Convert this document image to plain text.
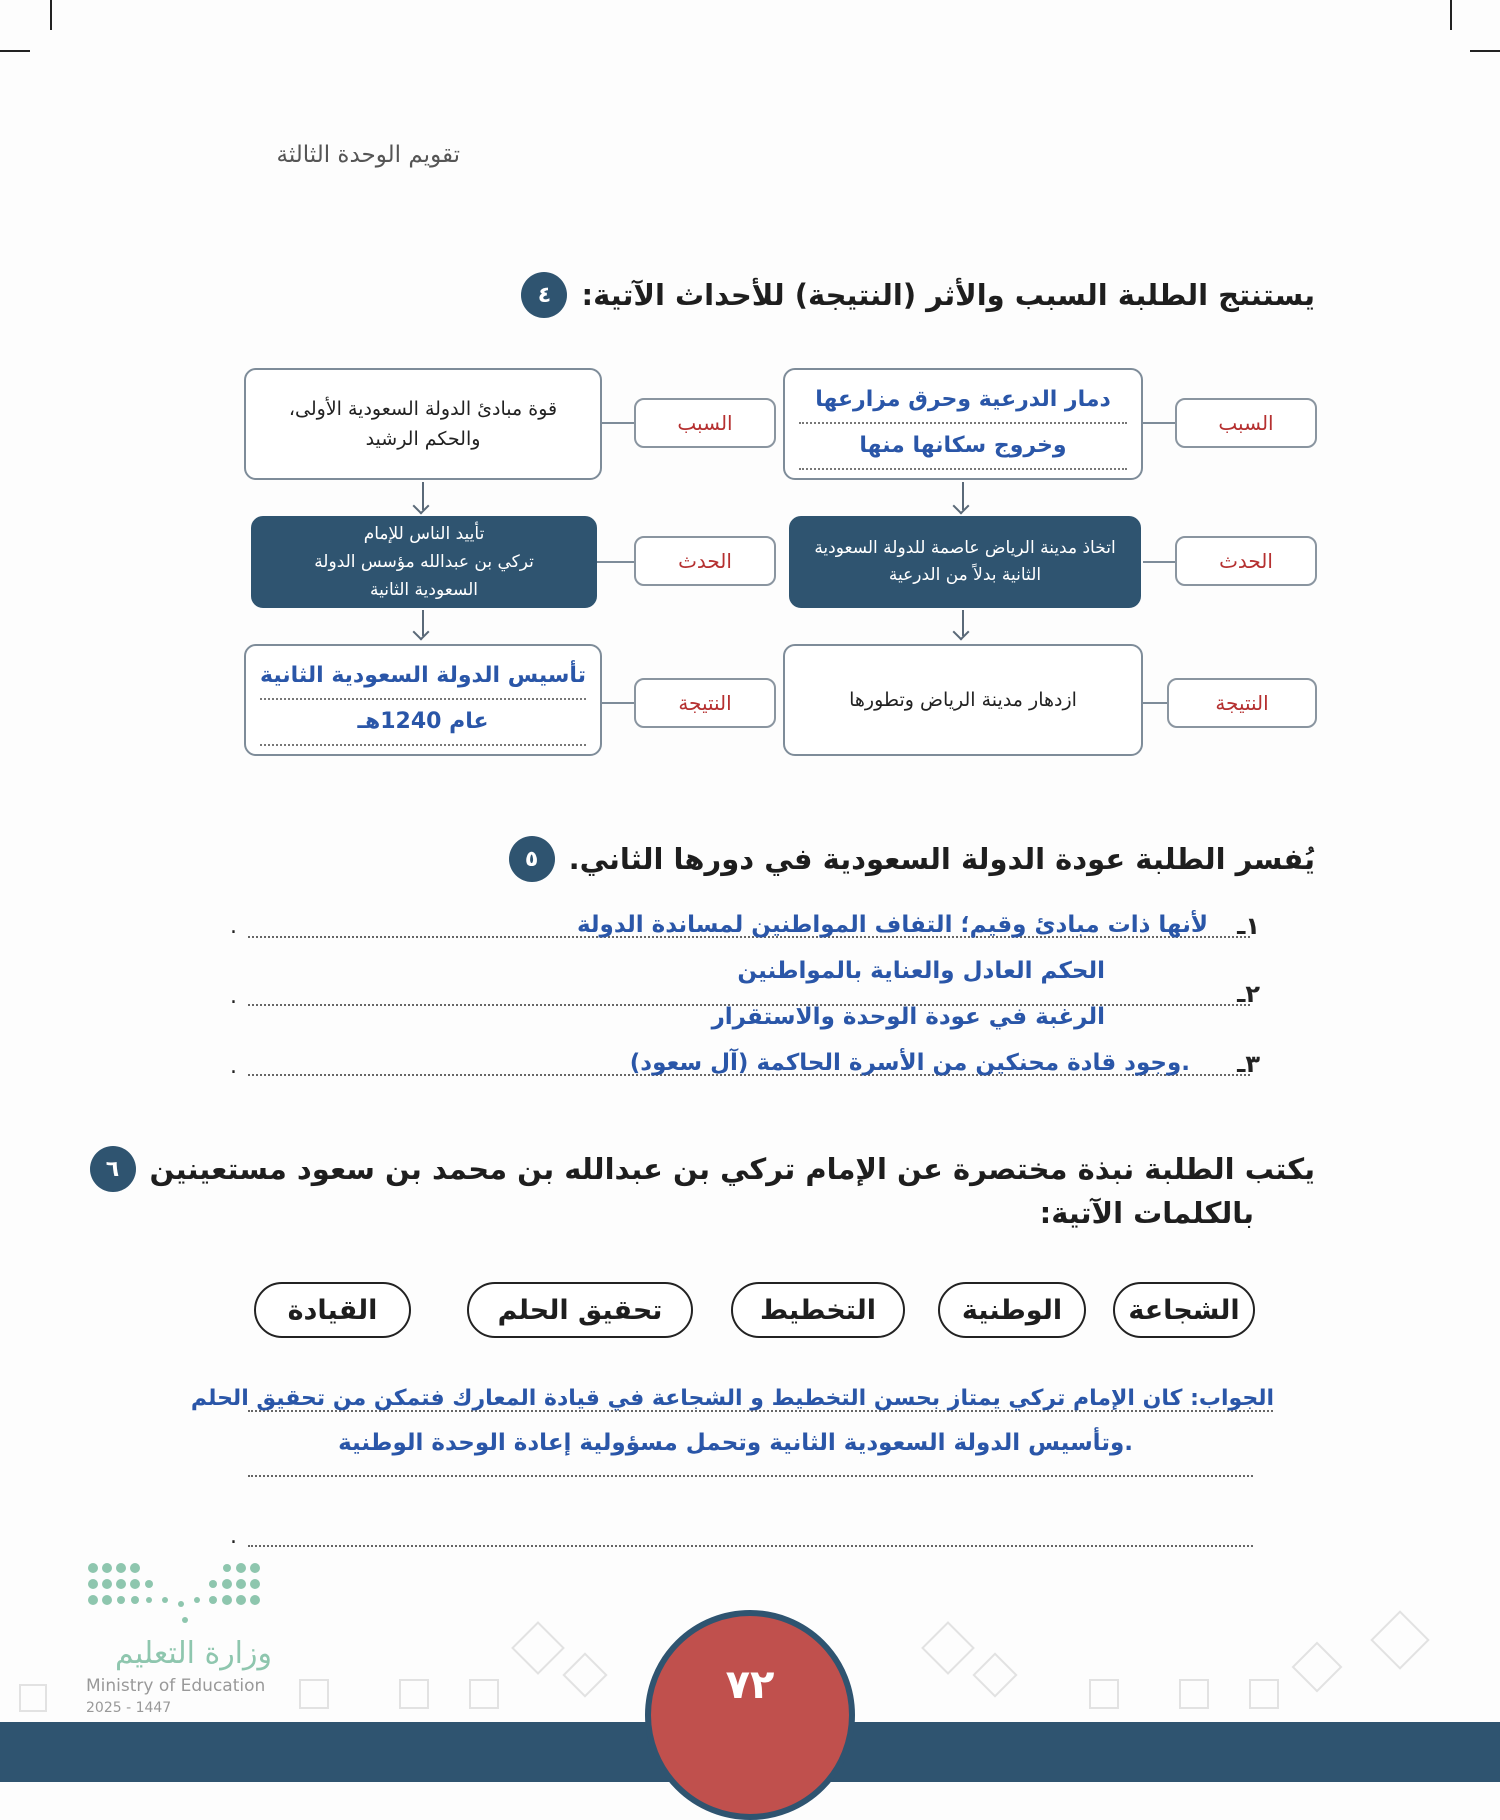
تقويم الوحدة الثالثة
٤	يستنتج الطلبة السبب والأثر (النتيجة) للأحداث الآتية:
السبب
دمار الدرعية وحرق مزارعها
وخروج سكانها منها
الحدث
اتخاذ مدينة الرياض عاصمة للدولة السعودية الثانية بدلاً من الدرعية
النتيجة
ازدهار مدينة الرياض وتطورها
السبب
قوة مبادئ الدولة السعودية الأولى، والحكم الرشيد
الحدث
تأييد الناس للإمام
تركي بن عبدالله مؤسس الدولة
السعودية الثانية
النتيجة
تأسيس الدولة السعودية الثانية
عام 1240هـ
٥	يُفسر الطلبة عودة الدولة السعودية في دورها الثاني.
١ـ
لأنها ذات مبادئ وقيم؛ التفاف المواطنين لمساندة الدولة
.
الحكم العادل والعناية بالمواطنين
٢ـ
الرغبة في عودة الوحدة والاستقرار
.
٣ـ
.وجود قادة محنكين من الأسرة الحاكمة (آل سعود)
.
٦	يكتب الطلبة نبذة مختصرة عن الإمام تركي بن عبدالله بن محمد بن سعود مستعينين
بالكلمات الآتية:
الشجاعة
الوطنية
التخطيط
تحقيق الحلم
القيادة
الجواب: كان الإمام تركي يمتاز بحسن التخطيط و الشجاعة في قيادة المعارك فتمكن من تحقيق الحلم
.وتأسيس الدولة السعودية الثانية وتحمل مسؤولية إعادة الوحدة الوطنية
.
وزارة التعليم
Ministry of Education
2025 - 1447	٧٢
